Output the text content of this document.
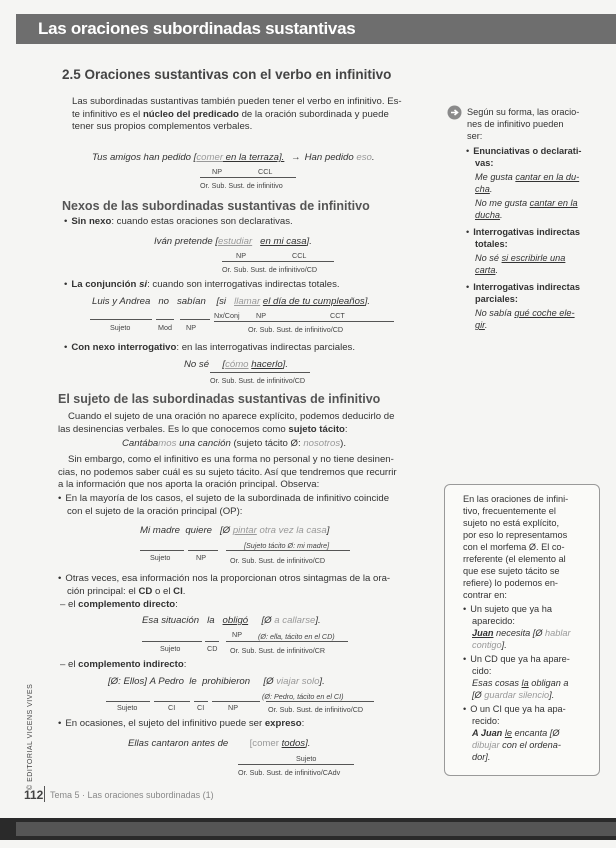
Las oraciones subordinadas sustantivas
2.5 Oraciones sustantivas con el verbo en infinitivo
Las subordinadas sustantivas también pueden tener el verbo en infinitivo. Es-
te infinitivo es el núcleo del predicado de la oración subordinada y puede
tener sus propios complementos verbales.
Tus amigos han pedido [comer en la terraza]. → Han pedido eso.
NP	CCL
Or. Sub. Sust. de infinitivo
Nexos de las subordinadas sustantivas de infinitivo
• Sin nexo: cuando estas oraciones son declarativas.
Iván pretende [estudiar en mi casa].
NP	CCL
Or. Sub. Sust. de infinitivo/CD
• La conjunción si: cuando son interrogativas indirectas totales.
Luis y Andrea no sabían [si llamar el día de tu cumpleaños].
Nx/Conj NP	CCT
Sujeto	Mod NP	Or. Sub. Sust. de infinitivo/CD
• Con nexo interrogativo: en las interrogativas indirectas parciales.
No sé [cómo hacerlo].
Or. Sub. Sust. de infinitivo/CD
El sujeto de las subordinadas sustantivas de infinitivo
Cuando el sujeto de una oración no aparece explícito, podemos deducirlo de
las desinencias verbales. Es lo que conocemos como sujeto tácito:
Cantábamos una canción (sujeto tácito Ø: nosotros).
Sin embargo, como el infinitivo es una forma no personal y no tiene desinen-
cias, no podemos saber cuál es su sujeto tácito. Así que tendremos que recurrir
a la información que nos aporta la oración principal. Observa:
• En la mayoría de los casos, el sujeto de la subordinada de infinitivo coincide
con el sujeto de la oración principal (OP):
Mi madre quiere [Ø pintar otra vez la casa]
[Sujeto tácito Ø: mi madre]
Sujeto	NP	Or. Sub. Sust. de infinitivo/CD
• Otras veces, esa información nos la proporcionan otros sintagmas de la ora-
ción principal: el CD o el CI.
– el complemento directo:
Esa situación la obligó [Ø a callarse].
NP (Ø: ella, tácito en el CD)
Sujeto	CD Or. Sub. Sust. de infinitivo/CR
– el complemento indirecto:
[Ø: Ellos] A Pedro le prohibieron [Ø viajar solo].
(Ø: Pedro, tácito en el CI)
Sujeto	CI	CI	NP	Or. Sub. Sust. de infinitivo/CD
• En ocasiones, el sujeto del infinitivo puede ser expreso:
Ellas cantaron antes de [comer todos].
Sujeto
Or. Sub. Sust. de infinitivo/CAdv
Según su forma, las oracio-
nes de infinitivo pueden
ser:
• Enunciativas o declarati-
vas:
Me gusta cantar en la du-
cha.
No me gusta cantar en la
ducha.
• Interrogativas indirectas
totales:
No sé si escribirle una
carta.
• Interrogativas indirectas
parciales:
No sabía qué coche ele-
gir.
En las oraciones de infini-
tivo, frecuentemente el
sujeto no está explícito,
por eso lo representamos
con el morfema Ø. El co-
rreferente (el elemento al
que ese sujeto tácito se
refiere) lo podemos en-
contrar en:
• Un sujeto que ya ha
aparecido:
Juan necesita [Ø hablar
contigo].
• Un CD que ya ha apare-
cido:
Esas cosas la obligan a
[Ø guardar silencio].
• O un CI que ya ha apa-
recido:
A Juan le encanta [Ø
dibujar con el ordena-
dor].
© EDITORIAL VICENS VIVES
112 Tema 5 · Las oraciones subordinadas (1)
